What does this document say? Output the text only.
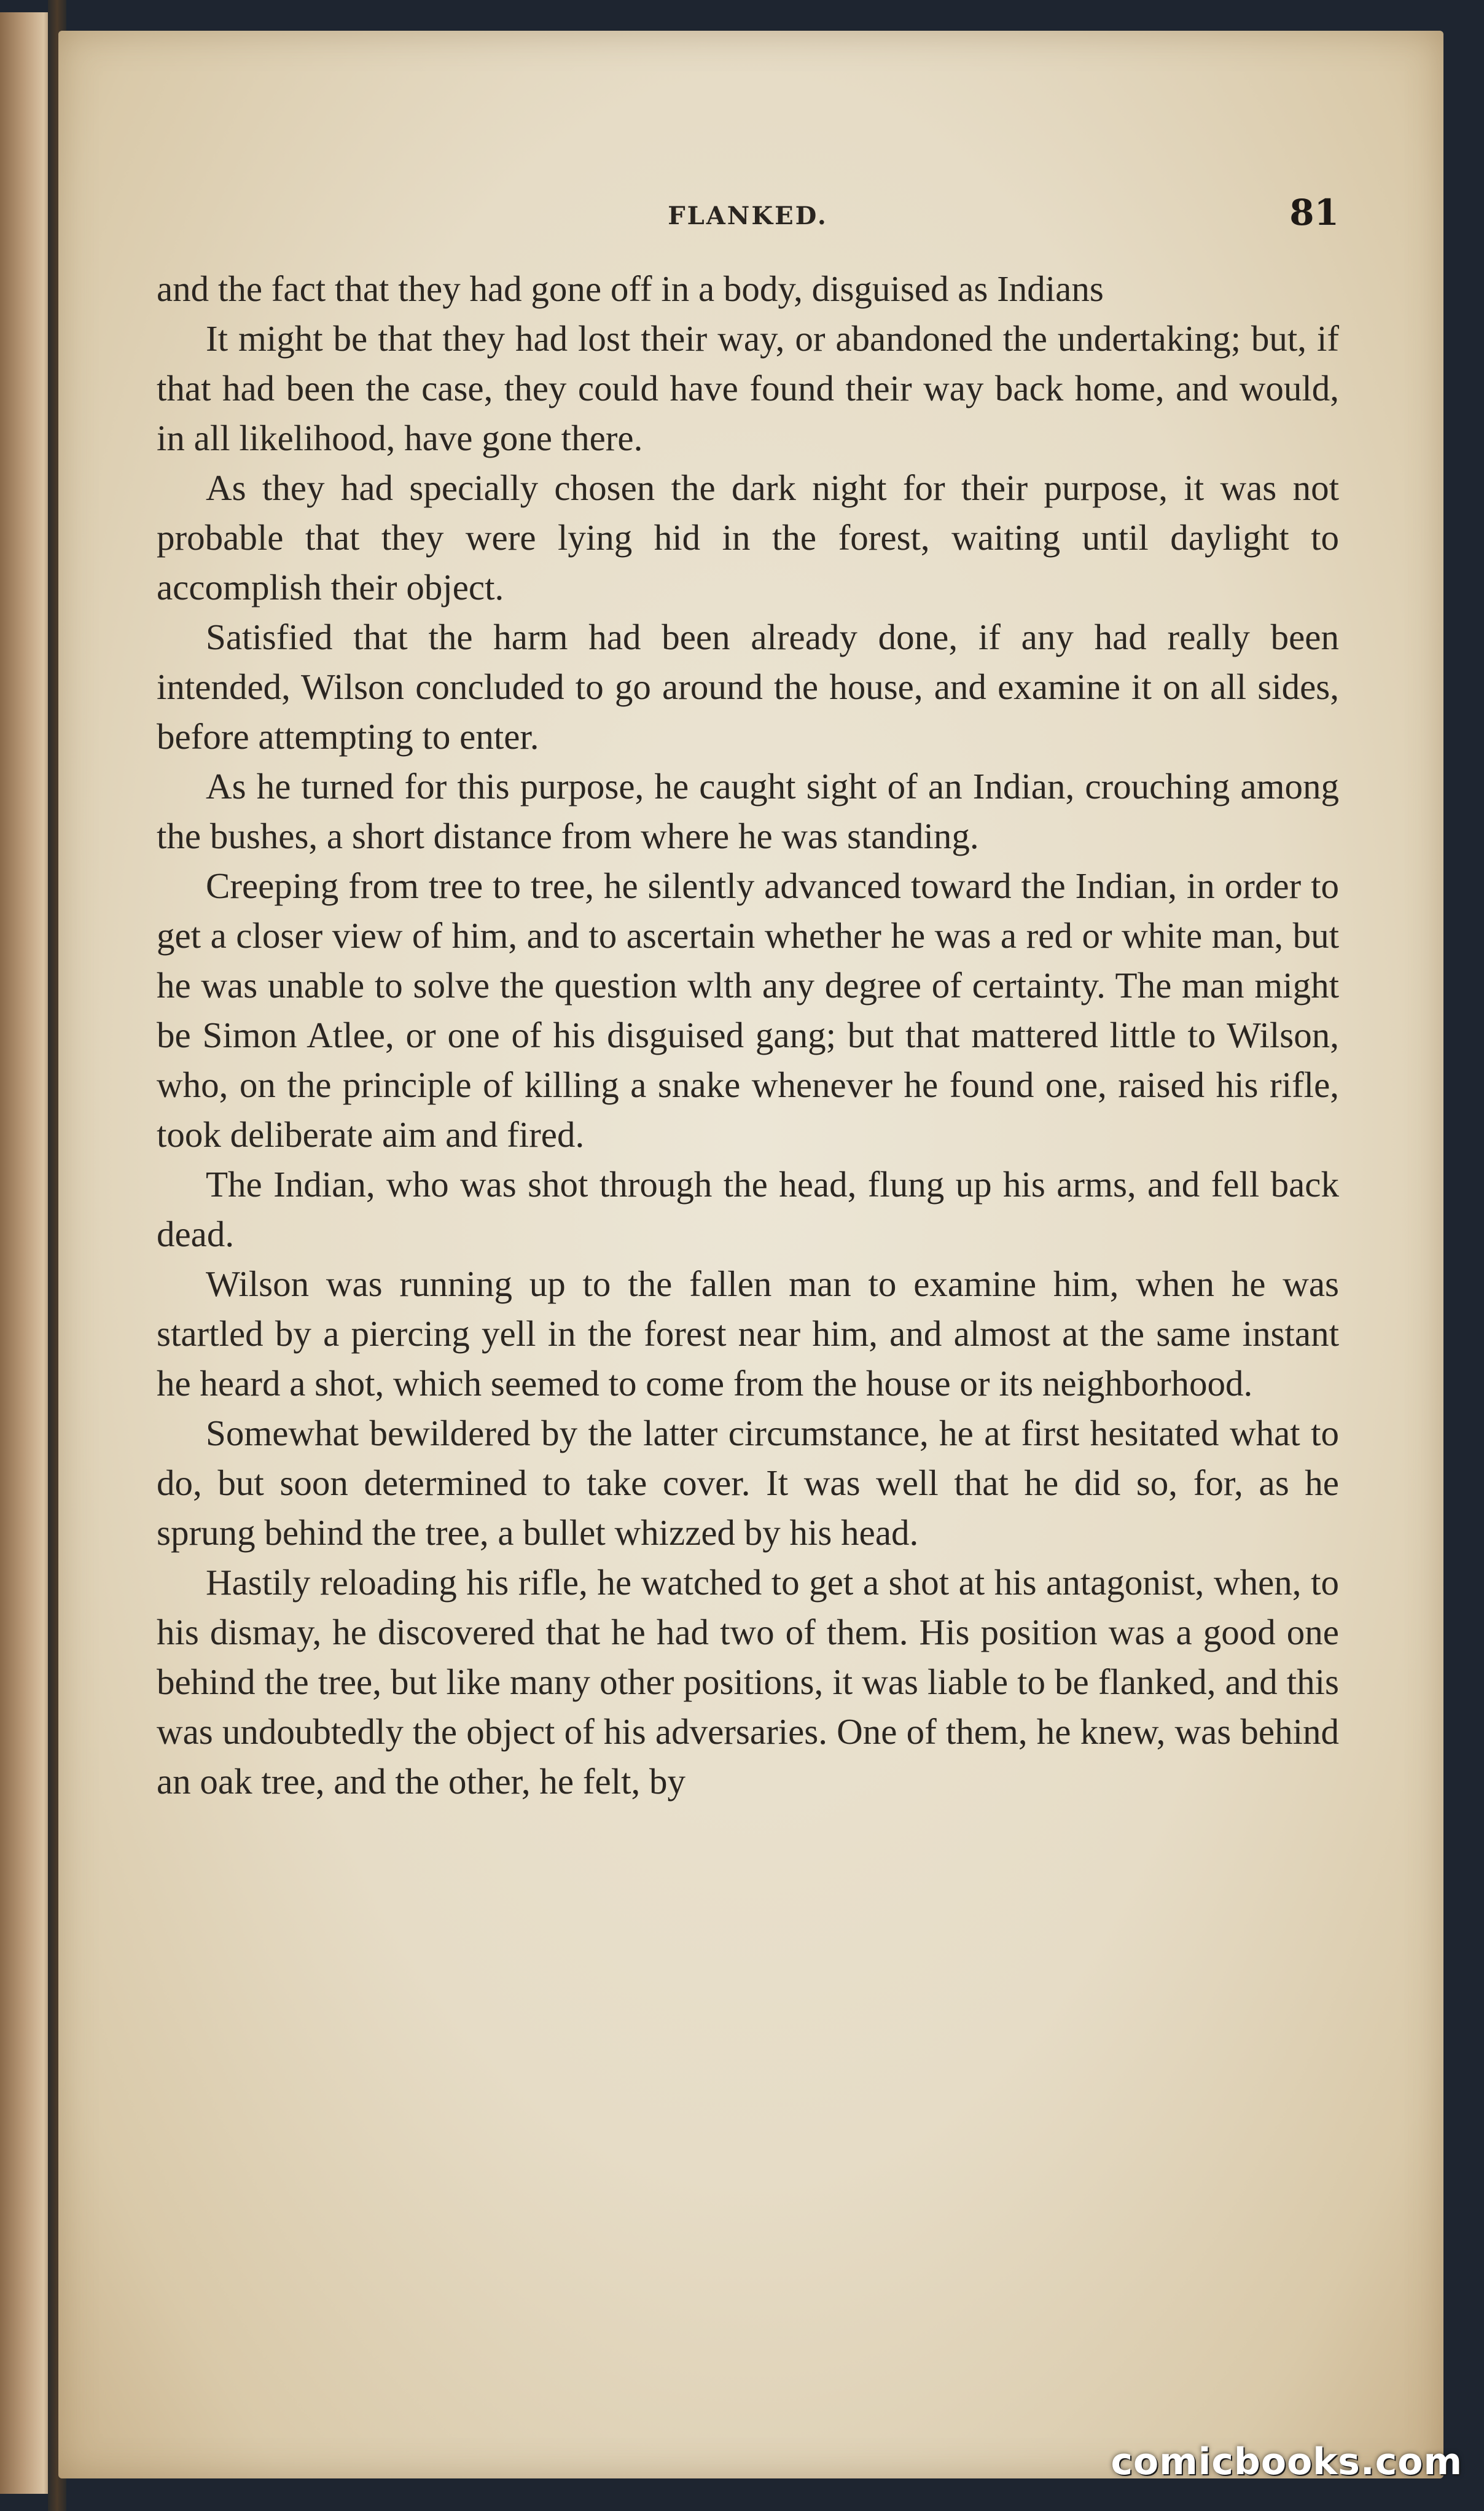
FLANKED.	81

and the fact that they had gone off in a body, disguised as Indians

It might be that they had lost their way, or abandoned the undertaking; but, if that had been the case, they could have found their way back home, and would, in all likelihood, have gone there.

As they had specially chosen the dark night for their purpose, it was not probable that they were lying hid in the forest, waiting until daylight to accomplish their object.

Satisfied that the harm had been already done, if any had really been intended, Wilson concluded to go around the house, and examine it on all sides, before attempting to enter.

As he turned for this purpose, he caught sight of an Indian, crouching among the bushes, a short distance from where he was standing.

Creeping from tree to tree, he silently advanced toward the Indian, in order to get a closer view of him, and to ascertain whether he was a red or white man, but he was unable to solve the question wlth any degree of certainty. The man might be Simon Atlee, or one of his disguised gang; but that mattered little to Wilson, who, on the principle of killing a snake whenever he found one, raised his rifle, took deliberate aim and fired.

The Indian, who was shot through the head, flung up his arms, and fell back dead.

Wilson was running up to the fallen man to examine him, when he was startled by a piercing yell in the forest near him, and almost at the same instant he heard a shot, which seemed to come from the house or its neighborhood.

Somewhat bewildered by the latter circumstance, he at first hesitated what to do, but soon determined to take cover. It was well that he did so, for, as he sprung behind the tree, a bullet whizzed by his head.

Hastily reloading his rifle, he watched to get a shot at his antagonist, when, to his dismay, he discovered that he had two of them. His position was a good one behind the tree, but like many other positions, it was liable to be flanked, and this was undoubtedly the object of his adversaries. One of them, he knew, was behind an oak tree, and the other, he felt, by

comicbooks.com
